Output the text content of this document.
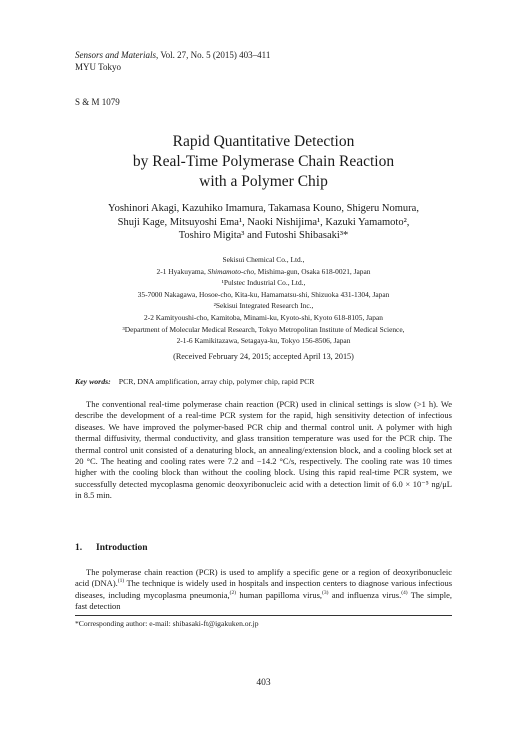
Sensors and Materials, Vol. 27, No. 5 (2015) 403–411
MYU Tokyo
S & M 1079
Rapid Quantitative Detection
by Real-Time Polymerase Chain Reaction
with a Polymer Chip
Yoshinori Akagi, Kazuhiko Imamura, Takamasa Kouno, Shigeru Nomura,
Shuji Kage, Mitsuyoshi Ema¹, Naoki Nishijima¹, Kazuki Yamamoto²,
Toshiro Migita³ and Futoshi Shibasaki³*
Sekisui Chemical Co., Ltd.,
2-1 Hyakuyama, Shimamoto-cho, Mishima-gun, Osaka 618-0021, Japan
¹Pulstec Industrial Co., Ltd.,
35-7000 Nakagawa, Hosoe-cho, Kita-ku, Hamamatsu-shi, Shizuoka 431-1304, Japan
²Sekisui Integrated Research Inc.,
2-2 Kamityoushi-cho, Kamitoba, Minami-ku, Kyoto-shi, Kyoto 618-8105, Japan
³Department of Molecular Medical Research, Tokyo Metropolitan Institute of Medical Science,
2-1-6 Kamikitazawa, Setagaya-ku, Tokyo 156-8506, Japan
(Received February 24, 2015; accepted April 13, 2015)
Key words: PCR, DNA amplification, array chip, polymer chip, rapid PCR
The conventional real-time polymerase chain reaction (PCR) used in clinical settings is slow (>1 h). We describe the development of a real-time PCR system for the rapid, high sensitivity detection of infectious diseases. We have improved the polymer-based PCR chip and thermal control unit. A polymer with high thermal diffusivity, thermal conductivity, and glass transition temperature was used for the PCR chip. The thermal control unit consisted of a denaturing block, an annealing/extension block, and a cooling block set at 20 °C. The heating and cooling rates were 7.2 and −14.2 °C/s, respectively. The cooling rate was 10 times higher with the cooling block than without the cooling block. Using this rapid real-time PCR system, we successfully detected mycoplasma genomic deoxyribonucleic acid with a detection limit of 6.0 × 10⁻⁵ ng/μL in 8.5 min.
1. Introduction
The polymerase chain reaction (PCR) is used to amplify a specific gene or a region of deoxyribonucleic acid (DNA).$^{(1)}$ The technique is widely used in hospitals and inspection centers to diagnose various infectious diseases, including mycoplasma pneumonia,$^{(2)}$ human papilloma virus,$^{(3)}$ and influenza virus.$^{(4)}$ The simple, fast detection
*Corresponding author: e-mail: shibasaki-ft@igakuken.or.jp
403
